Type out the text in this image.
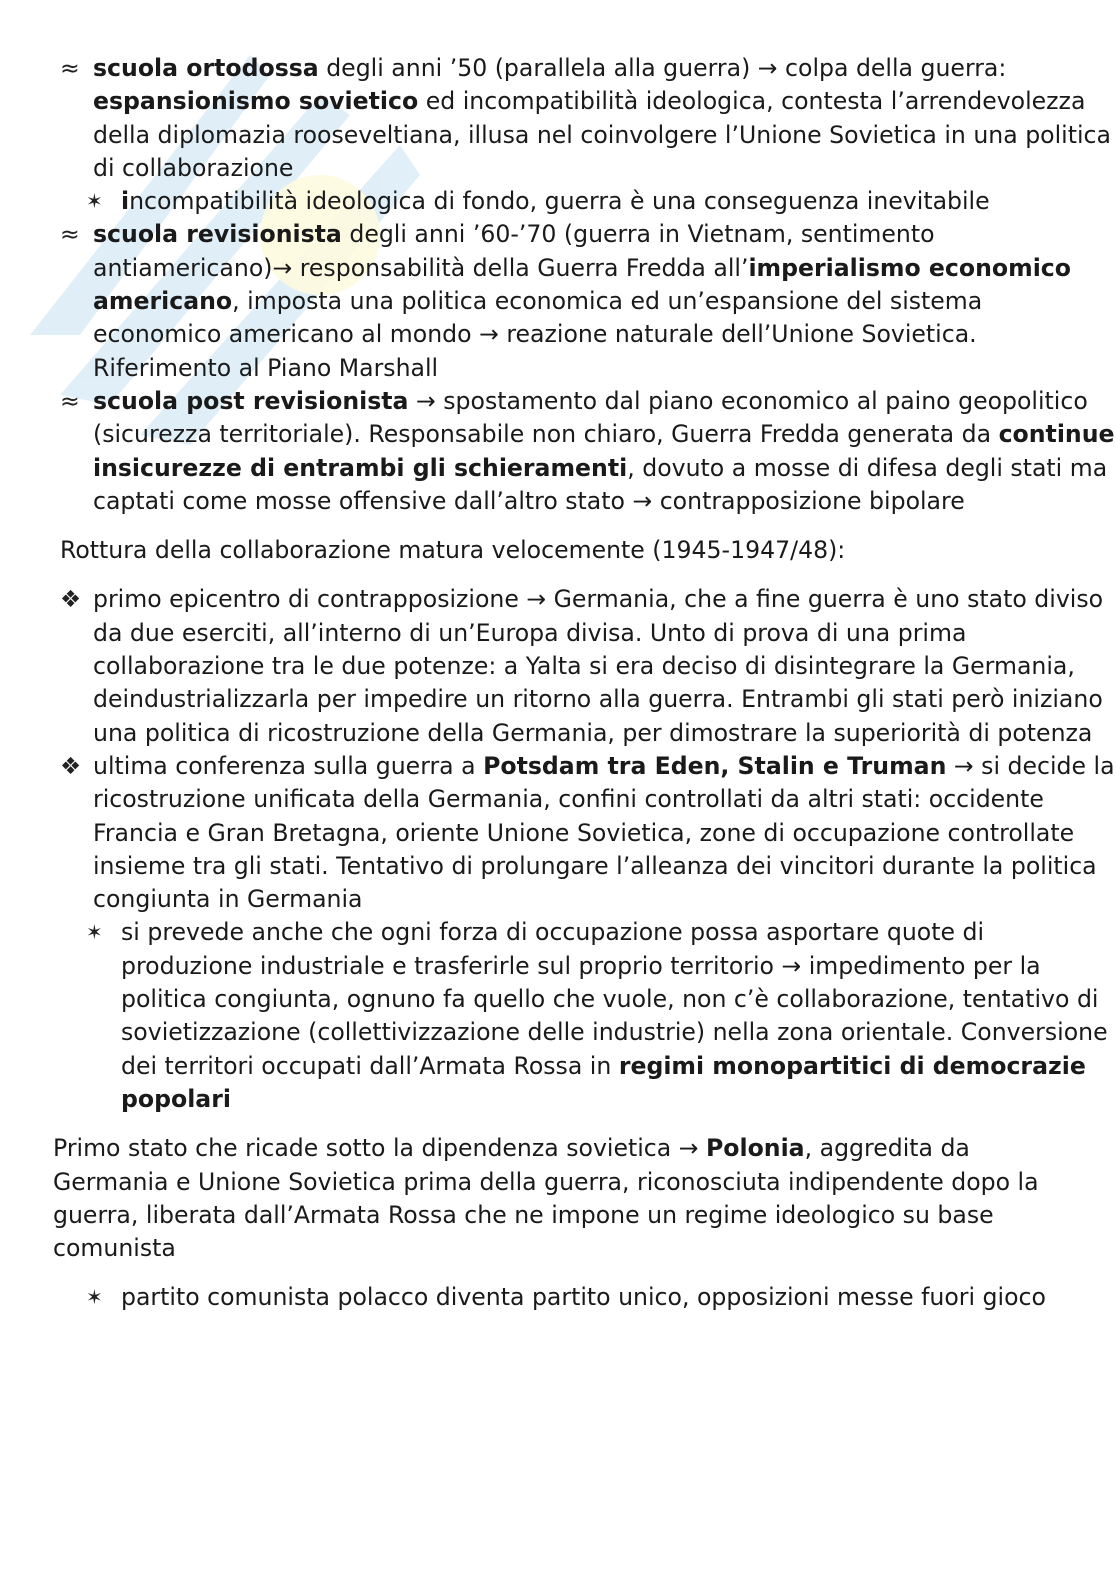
≈ scuola ortodossa degli anni ’50 (parallela alla guerra) → colpa della guerra: espansionismo sovietico ed incompatibilità ideologica, contesta l’arrendevolezza della diplomazia rooseveltiana, illusa nel coinvolgere l’Unione Sovietica in una politica di collaborazione
✶ incompatibilità ideologica di fondo, guerra è una conseguenza inevitabile
≈ scuola revisionista degli anni ’60-’70 (guerra in Vietnam, sentimento antiamericano)→ responsabilità della Guerra Fredda all’imperialismo economico americano, imposta una politica economica ed un’espansione del sistema economico americano al mondo → reazione naturale dell’Unione Sovietica. Riferimento al Piano Marshall
≈ scuola post revisionista → spostamento dal piano economico al paino geopolitico (sicurezza territoriale). Responsabile non chiaro, Guerra Fredda generata da continue insicurezze di entrambi gli schieramenti, dovuto a mosse di difesa degli stati ma captati come mosse offensive dall’altro stato → contrapposizione bipolare

Rottura della collaborazione matura velocemente (1945-1947/48):

❖ primo epicentro di contrapposizione → Germania, che a fine guerra è uno stato diviso da due eserciti, all’interno di un’Europa divisa. Unto di prova di una prima collaborazione tra le due potenze: a Yalta si era deciso di disintegrare la Germania, deindustrializzarla per impedire un ritorno alla guerra. Entrambi gli stati però iniziano una politica di ricostruzione della Germania, per dimostrare la superiorità di potenza
❖ ultima conferenza sulla guerra a Potsdam tra Eden, Stalin e Truman → si decide la ricostruzione unificata della Germania, confini controllati da altri stati: occidente Francia e Gran Bretagna, oriente Unione Sovietica, zone di occupazione controllate insieme tra gli stati. Tentativo di prolungare l’alleanza dei vincitori durante la politica congiunta in Germania
✶ si prevede anche che ogni forza di occupazione possa asportare quote di produzione industriale e trasferirle sul proprio territorio → impedimento per la politica congiunta, ognuno fa quello che vuole, non c’è collaborazione, tentativo di sovietizzazione (collettivizzazione delle industrie) nella zona orientale. Conversione dei territori occupati dall’Armata Rossa in regimi monopartitici di democrazie popolari

Primo stato che ricade sotto la dipendenza sovietica → Polonia, aggredita da Germania e Unione Sovietica prima della guerra, riconosciuta indipendente dopo la guerra, liberata dall’Armata Rossa che ne impone un regime ideologico su base comunista

✶ partito comunista polacco diventa partito unico, opposizioni messe fuori gioco
